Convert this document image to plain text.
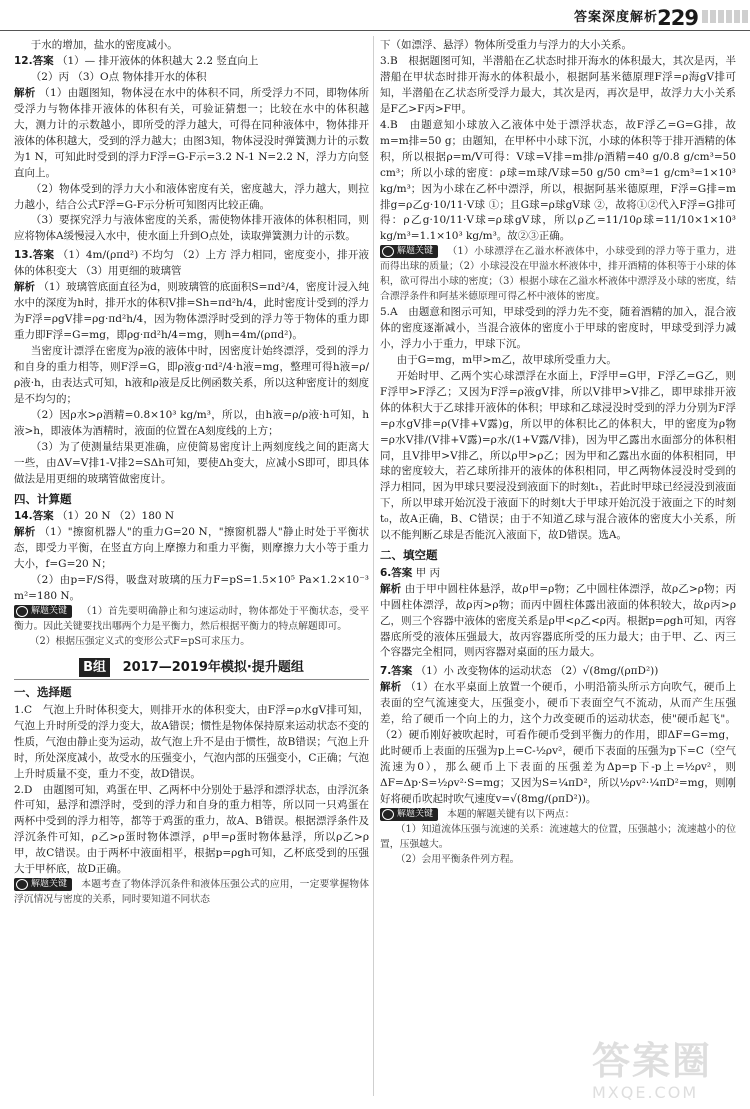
答案深度解析 229

于水的增加，盐水的密度减小。

12.答案 （1）— 排开液体的体积越大 2.2 竖直向上

（2）丙 （3）O点 物体排开水的体积

解析 （1）由题图知，物体浸在水中的体积不同，所受浮力不同，即物体所受浮力与物体排开液体的体积有关，可验证猜想一；比较在水中的体积越大，测力计的示数越小，即所受的浮力越大，可得在同种液体中，物体排开液体的体积越大，受到的浮力越大；由图3知，物体浸没时弹簧测力计的示数为1 N，可知此时受到的浮力F浮=G-F示=3.2 N-1 N=2.2 N，浮力方向竖直向上。

（2）物体受到的浮力大小和液体密度有关，密度越大，浮力越大，则拉力越小，结合公式F浮=G-F示分析可知图丙比较正确。

（3）要探究浮力与液体密度的关系，需使物体排开液体的体积相同，则应将物体A缓慢浸入水中，使水面上升到O点处，读取弹簧测力计的示数。

13.答案 （1）4m/(ρπd²) 不均匀 （2）上方 浮力相同，密度变小，排开液体的体积变大 （3）用更细的玻璃管

解析 （1）玻璃管底面直径为d，则玻璃管的底面积S=πd²/4，密度计浸入纯水中的深度为h时，排开水的体积V排=Sh=πd²h/4，此时密度计受到的浮力为F浮=ρgV排=ρg·πd²h/4，因为物体漂浮时受到的浮力等于物体的重力即重力即F浮=G=mg，即ρg·πd²h/4=mg，则h=4m/(ρπd²)。

当密度计漂浮在密度为ρ液的液体中时，因密度计始终漂浮，受到的浮力和自身的重力相等，则F浮=G，即ρ液g·πd²/4·h液=mg，整理可得h液=ρ/ρ液·h，由表达式可知，h液和ρ液是反比例函数关系，所以这种密度计的刻度是不均匀的；

（2）因ρ水>ρ酒精=0.8×10³ kg/m³，所以，由h液=ρ/ρ液·h可知，h液>h，即液体为酒精时，液面的位置在A刻度线的上方；

（3）为了使测量结果更准确，应使简易密度计上两刻度线之间的距离大一些，由ΔV=V排1-V排2=SΔh可知，要使Δh变大，应减小S即可，即具体做法是用更细的玻璃管做密度计。

四、计算题

14.答案 （1）20 N （2）180 N

解析 （1）"擦窗机器人"的重力G=20 N，"擦窗机器人"静止时处于平衡状态，即受力平衡，在竖直方向上摩擦力和重力平衡，则摩擦力大小等于重力大小，f=G=20 N；

（2）由p=F/S得，吸盘对玻璃的压力F=pS=1.5×10⁵ Pa×1.2×10⁻³ m²=180 N。

解题关键 （1）首先要明确静止和匀速运动时，物体都处于平衡状态，受平衡力。因此关键要找出哪两个力是平衡力，然后根据平衡力的特点解题即可。

（2）根据压强定义式的变形公式F=pS可求压力。

B组 2017—2019年模拟·提升题组
一、选择题

1.C　气泡上升时体积变大，则排开水的体积变大，由F浮=ρ水gV排可知，气泡上升时所受的浮力变大，故A错误；惯性是物体保持原来运动状态不变的性质，气泡由静止变为运动，故气泡上升不是由于惯性，故B错误；气泡上升时，所处深度减小，故受水的压强变小，气泡内部的压强变小，C正确；气泡上升时质量不变，重力不变，故D错误。

2.D　由题图可知，鸡蛋在甲、乙两杯中分别处于悬浮和漂浮状态，由浮沉条件可知，悬浮和漂浮时，受到的浮力和自身的重力相等，所以同一只鸡蛋在两杯中受到的浮力相等，都等于鸡蛋的重力，故A、B错误。根据漂浮条件及浮沉条件可知，ρ乙>ρ蛋时物体漂浮，ρ甲=ρ蛋时物体悬浮，所以ρ乙>ρ甲，故C错误。由于两杯中液面相平，根据p=ρgh可知，乙杯底受到的压强大于甲杯底，故D正确。

解题关键 本题考查了物体浮沉条件和液体压强公式的应用，一定要掌握物体浮沉情况与密度的关系，同时要知道不同状态

下（如漂浮、悬浮）物体所受重力与浮力的大小关系。

3.B　根据题图可知，半潜船在乙状态时排开海水的体积最大，其次是丙，半潜船在甲状态时排开海水的体积最小，根据阿基米德原理F浮=ρ海gV排可知，半潜船在乙状态所受浮力最大，其次是丙，再次是甲，故浮力大小关系是F乙>F丙>F甲。

4.B　由题意知小球放入乙液体中处于漂浮状态，故F浮乙=G=G排，故m=m排=50 g；由题知，在甲杯中小球下沉，小球的体积等于排开酒精的体积，所以根据ρ=m/V可得：V球=V排=m排/ρ酒精=40 g/0.8 g/cm³=50 cm³；所以小球的密度：ρ球=m球/V球=50 g/50 cm³=1 g/cm³=1×10³ kg/m³；因为小球在乙杯中漂浮，所以，根据阿基米德原理，F浮=G排=m排g=ρ乙g·10/11·V球 ①；且G球=ρ球gV球 ②，故将①②代入F浮=G排可得：ρ乙g·10/11·V球=ρ球gV球，所以ρ乙=11/10ρ球=11/10×1×10³ kg/m³=1.1×10³ kg/m³。故②③正确。

解题关键 （1）小球漂浮在乙溢水杯液体中，小球受到的浮力等于重力，进而得出球的质量；（2）小球浸没在甲溢水杯液体中，排开酒精的体积等于小球的体积，欲可得出小球的密度；（3）根据小球在乙溢水杯液体中漂浮及小球的密度，结合漂浮条件和阿基米德原理可得乙杯中液体的密度。

5.A　由题意和图示可知，甲球受到的浮力先不变，随着酒精的加入，混合液体的密度逐渐减小，当混合液体的密度小于甲球的密度时，甲球受到浮力减小，浮力小于重力，甲球下沉。

由于G=mg，m甲>m乙，故甲球所受重力大。

开始时甲、乙两个实心球漂浮在水面上，F浮甲=G甲，F浮乙=G乙，则F浮甲>F浮乙；又因为F浮=ρ液gV排，所以V排甲>V排乙，即甲球排开液体的体积大于乙球排开液体的体积；甲球和乙球浸没时受到的浮力分别为F浮=ρ水gV排=ρ(V排+V露)g，所以甲的体积比乙的体积大，甲的密度为ρ物=ρ水V排/(V排+V露)=ρ水/(1+V露/V排)，因为甲乙露出水面部分的体积相同，且V排甲>V排乙，所以ρ甲>ρ乙；因为甲和乙露出水面的体积相同，甲球的密度较大，若乙球所排开的液体的体积相同，甲乙两物体浸没时受到的浮力相同，因为甲球只要浸没到液面下的时刻t₁，若此时甲球已经浸没到液面下，所以甲球开始沉没于液面下的时刻t大于甲球开始沉没于液面之下的时刻t₀，故A正确，B、C错误；由于不知道乙球与混合液体的密度大小关系，所以不能判断乙球是否能沉入液面下，故D错误。选A。

二、填空题

6.答案 甲 丙

解析 由于甲中圆柱体悬浮，故ρ甲=ρ物；乙中圆柱体漂浮，故ρ乙>ρ物；丙中圆柱体漂浮，故ρ丙>ρ物；而丙中圆柱体露出液面的体积较大，故ρ丙>ρ乙，则三个容器中液体的密度关系是ρ甲<ρ乙<ρ丙。根据p=ρgh可知，丙容器底所受的液体压强最大，故丙容器底所受的压力最大；由于甲、乙、丙三个容器完全相同，则丙容器对桌面的压力最大。

7.答案 （1）小 改变物体的运动状态 （2）√(8mg/(ρπD²))

解析 （1）在水平桌面上放置一个硬币，小明沿箭头所示方向吹气，硬币上表面的空气流速变大，压强变小，硬币下表面空气不流动，从而产生压强差，给了硬币一个向上的力，这个力改变硬币的运动状态，使"硬币起飞"。（2）硬币刚好被吹起时，可看作硬币受到平衡力的作用，即ΔF=G=mg，此时硬币上表面的压强为p上=C-½ρv²，硬币下表面的压强为p下=C（空气流速为0），那么硬币上下表面的压强差为Δp=p下-p上=½ρv²，则ΔF=Δp·S=½ρv²·S=mg；又因为S=¼πD²，所以½ρv²·¼πD²=mg，则刚好将硬币吹起时吹气速度v=√(8mg/(ρπD²))。

解题关键 本题的解题关键有以下两点：

（1）知道流体压强与流速的关系：流速越大的位置，压强越小；流速越小的位置，压强越大。

（2）会用平衡条件列方程。

答案圈
MXQE.COM
